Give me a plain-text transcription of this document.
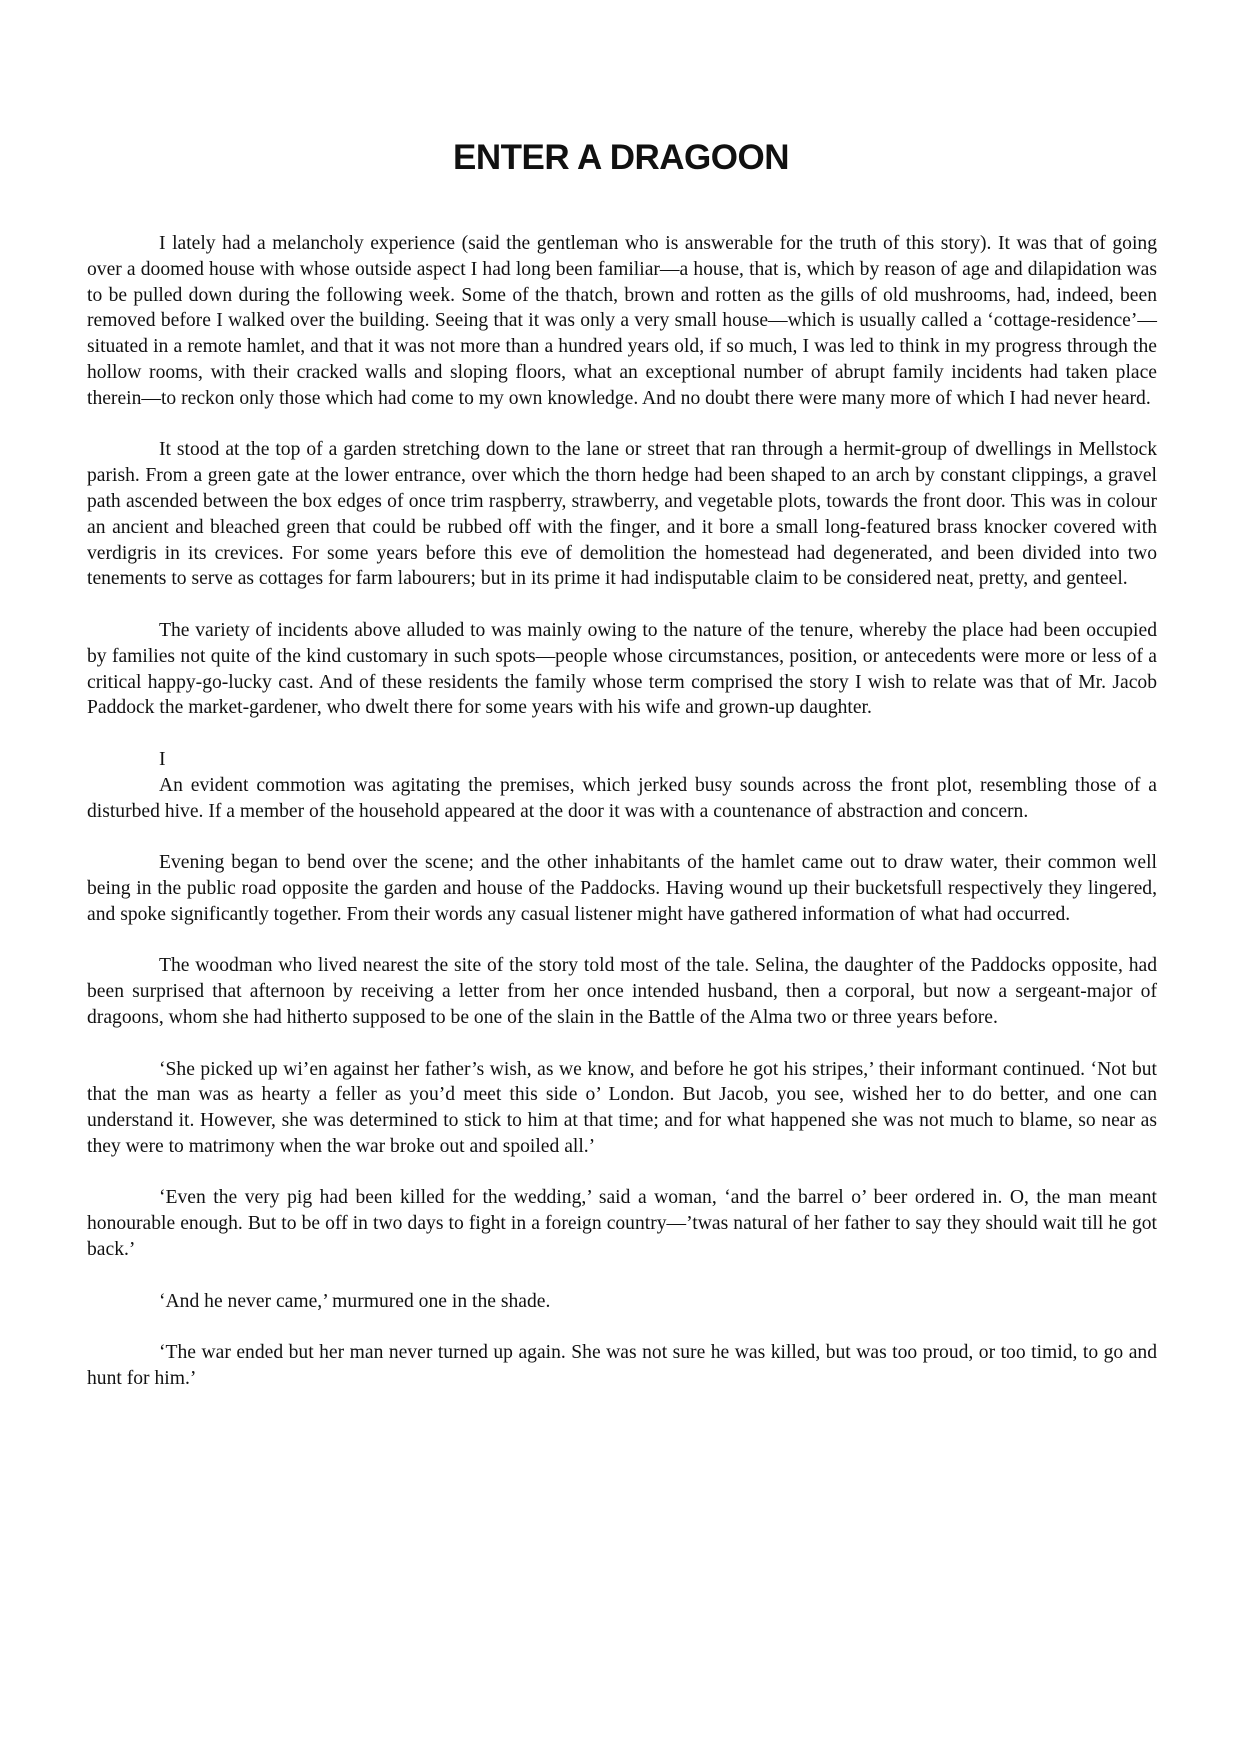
ENTER A DRAGOON

I lately had a melancholy experience (said the gentleman who is answerable for the truth of this story). It was that of going over a doomed house with whose outside aspect I had long been familiar—a house, that is, which by reason of age and dilapidation was to be pulled down during the following week. Some of the thatch, brown and rotten as the gills of old mushrooms, had, indeed, been removed before I walked over the building. Seeing that it was only a very small house—which is usually called a ‘cottage-residence’—situated in a remote hamlet, and that it was not more than a hundred years old, if so much, I was led to think in my progress through the hollow rooms, with their cracked walls and sloping floors, what an exceptional number of abrupt family incidents had taken place therein—to reckon only those which had come to my own knowledge. And no doubt there were many more of which I had never heard.

It stood at the top of a garden stretching down to the lane or street that ran through a hermit-group of dwellings in Mellstock parish. From a green gate at the lower entrance, over which the thorn hedge had been shaped to an arch by constant clippings, a gravel path ascended between the box edges of once trim raspberry, strawberry, and vegetable plots, towards the front door. This was in colour an ancient and bleached green that could be rubbed off with the finger, and it bore a small long-featured brass knocker covered with verdigris in its crevices. For some years before this eve of demolition the homestead had degenerated, and been divided into two tenements to serve as cottages for farm labourers; but in its prime it had indisputable claim to be considered neat, pretty, and genteel.

The variety of incidents above alluded to was mainly owing to the nature of the tenure, whereby the place had been occupied by families not quite of the kind customary in such spots—people whose circumstances, position, or antecedents were more or less of a critical happy-go-lucky cast. And of these residents the family whose term comprised the story I wish to relate was that of Mr. Jacob Paddock the market-gardener, who dwelt there for some years with his wife and grown-up daughter.

I

An evident commotion was agitating the premises, which jerked busy sounds across the front plot, resembling those of a disturbed hive. If a member of the household appeared at the door it was with a countenance of abstraction and concern.

Evening began to bend over the scene; and the other inhabitants of the hamlet came out to draw water, their common well being in the public road opposite the garden and house of the Paddocks. Having wound up their bucketsfull respectively they lingered, and spoke significantly together. From their words any casual listener might have gathered information of what had occurred.

The woodman who lived nearest the site of the story told most of the tale. Selina, the daughter of the Paddocks opposite, had been surprised that afternoon by receiving a letter from her once intended husband, then a corporal, but now a sergeant-major of dragoons, whom she had hitherto supposed to be one of the slain in the Battle of the Alma two or three years before.

‘She picked up wi’en against her father’s wish, as we know, and before he got his stripes,’ their informant continued. ‘Not but that the man was as hearty a feller as you’d meet this side o’ London. But Jacob, you see, wished her to do better, and one can understand it. However, she was determined to stick to him at that time; and for what happened she was not much to blame, so near as they were to matrimony when the war broke out and spoiled all.’

‘Even the very pig had been killed for the wedding,’ said a woman, ‘and the barrel o’ beer ordered in. O, the man meant honourable enough. But to be off in two days to fight in a foreign country—’twas natural of her father to say they should wait till he got back.’

‘And he never came,’ murmured one in the shade.

‘The war ended but her man never turned up again. She was not sure he was killed, but was too proud, or too timid, to go and hunt for him.’
